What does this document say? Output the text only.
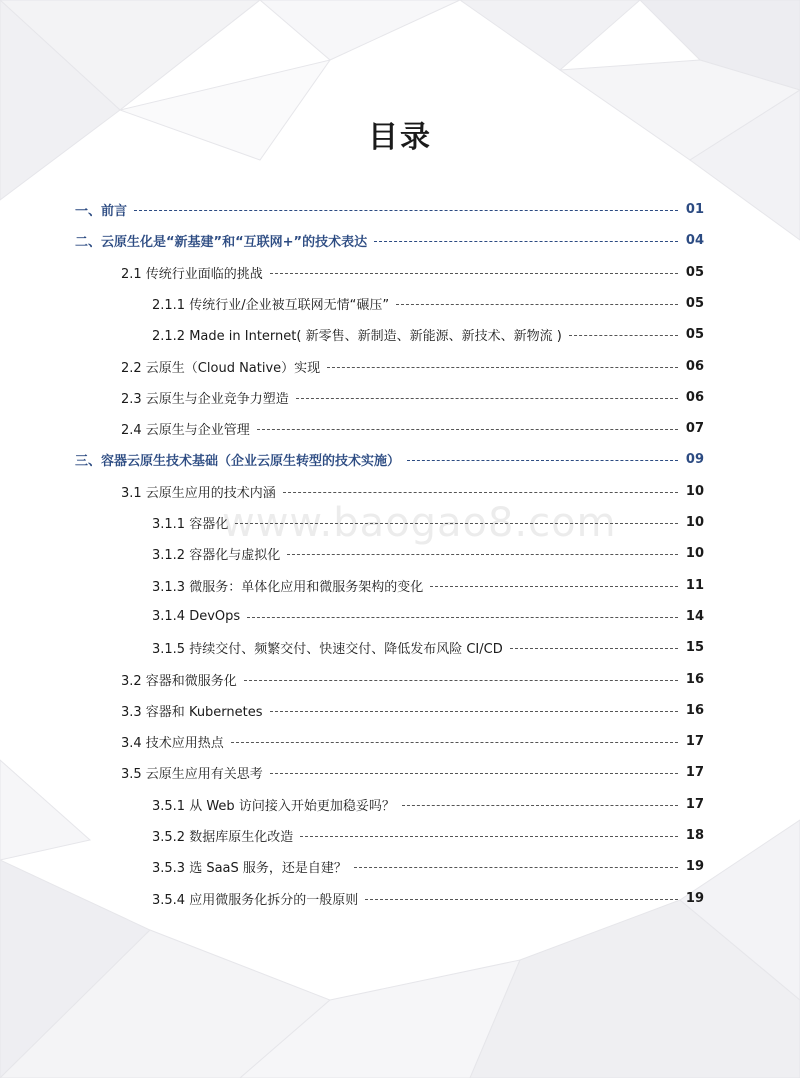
目录
www.baogao8.com
一、前言	01
二、云原生化是“新基建”和“互联网+”的技术表达	04
2.1 传统行业面临的挑战	05
2.1.1 传统行业/企业被互联网无情“碾压”	05
2.1.2 Made in Internet( 新零售、新制造、新能源、新技术、新物流 )	05
2.2 云原生（Cloud Native）实现	06
2.3 云原生与企业竞争力塑造	06
2.4 云原生与企业管理	07
三、容器云原生技术基础（企业云原生转型的技术实施）	09
3.1 云原生应用的技术内涵	10
3.1.1 容器化	10
3.1.2 容器化与虚拟化	10
3.1.3 微服务：单体化应用和微服务架构的变化	11
3.1.4 DevOps	14
3.1.5 持续交付、频繁交付、快速交付、降低发布风险 CI/CD	15
3.2 容器和微服务化	16
3.3 容器和 Kubernetes	16
3.4 技术应用热点	17
3.5 云原生应用有关思考	17
3.5.1 从 Web 访问接入开始更加稳妥吗？	17
3.5.2 数据库原生化改造	18
3.5.3 选 SaaS 服务，还是自建？	19
3.5.4 应用微服务化拆分的一般原则	19
